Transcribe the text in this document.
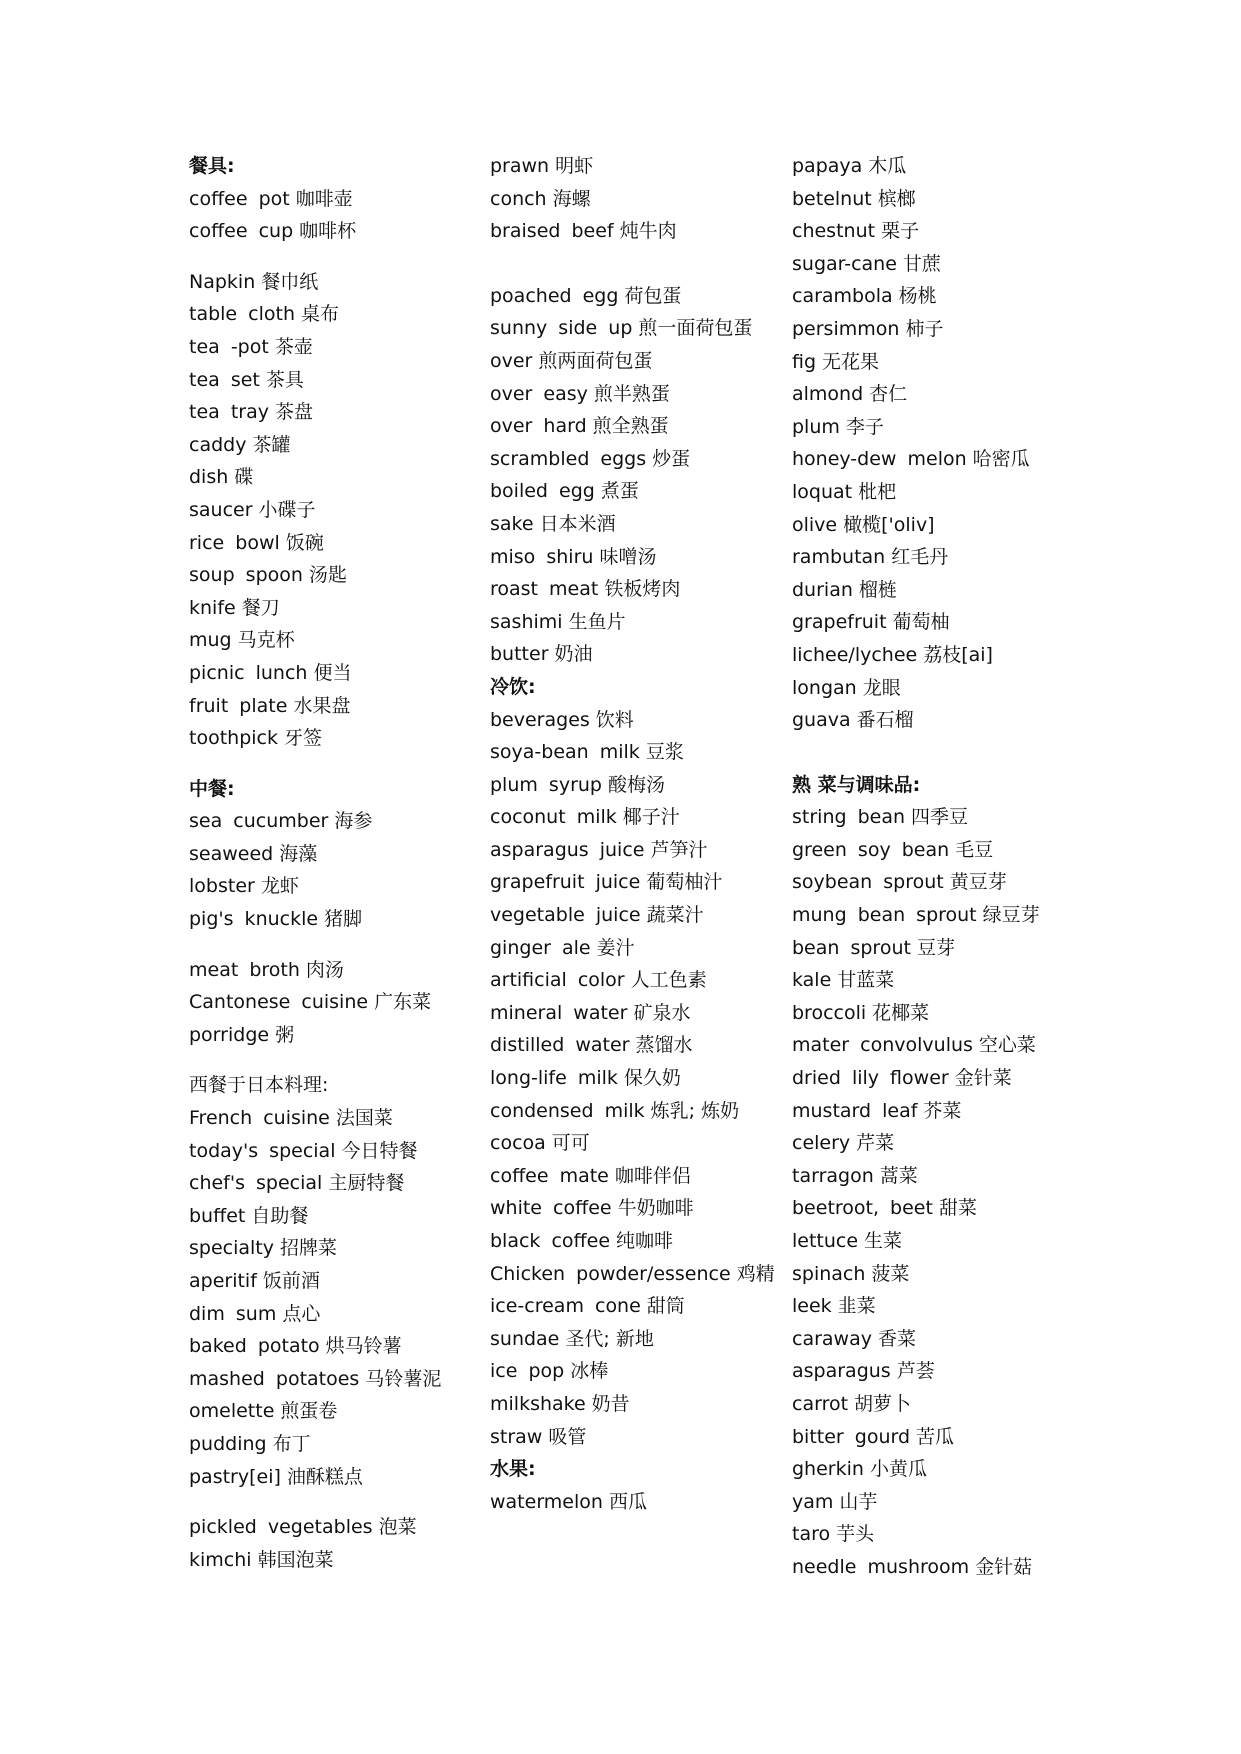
餐具:
coffee pot 咖啡壶
coffee cup 咖啡杯
Napkin 餐巾纸
table cloth 桌布
tea -pot 茶壶
tea set 茶具
tea tray 茶盘
caddy 茶罐
dish 碟
saucer 小碟子
rice bowl 饭碗
soup spoon 汤匙
knife 餐刀
mug 马克杯
picnic lunch 便当
fruit plate 水果盘
toothpick 牙签
中餐:
sea cucumber 海参
seaweed 海藻
lobster 龙虾
pig's knuckle 猪脚
meat broth 肉汤
Cantonese cuisine 广东菜
porridge 粥
西餐于日本料理:
French cuisine 法国菜
today's special 今日特餐
chef's special 主厨特餐
buffet 自助餐
specialty 招牌菜
aperitif 饭前酒
dim sum 点心
baked potato 烘马铃薯
mashed potatoes 马铃薯泥
omelette 煎蛋卷
pudding 布丁
pastry[ei] 油酥糕点
pickled vegetables 泡菜
kimchi 韩国泡菜
prawn 明虾
conch 海螺
braised beef 炖牛肉
poached egg 荷包蛋
sunny side up 煎一面荷包蛋
over 煎两面荷包蛋
over easy 煎半熟蛋
over hard 煎全熟蛋
scrambled eggs 炒蛋
boiled egg 煮蛋
sake 日本米酒
miso shiru 味噌汤
roast meat 铁板烤肉
sashimi 生鱼片
butter 奶油
冷饮:
beverages 饮料
soya-bean milk 豆浆
plum syrup 酸梅汤
coconut milk 椰子汁
asparagus juice 芦笋汁
grapefruit juice 葡萄柚汁
vegetable juice 蔬菜汁
ginger ale 姜汁
artificial color 人工色素
mineral water 矿泉水
distilled water 蒸馏水
long-life milk 保久奶
condensed milk 炼乳; 炼奶
cocoa 可可
coffee mate 咖啡伴侣
white coffee 牛奶咖啡
black coffee 纯咖啡
Chicken powder/essence 鸡精
ice-cream cone 甜筒
sundae 圣代; 新地
ice pop 冰棒
milkshake 奶昔
straw 吸管
水果:
watermelon 西瓜
papaya 木瓜
betelnut 槟榔
chestnut 栗子
sugar-cane 甘蔗
carambola 杨桃
persimmon 柿子
fig 无花果
almond 杏仁
plum 李子
honey-dew melon 哈密瓜
loquat 枇杷
olive 橄榄['oliv]
rambutan 红毛丹
durian 榴梿
grapefruit 葡萄柚
lichee/lychee 荔枝[ai]
longan 龙眼
guava 番石榴
熟 菜与调味品:
string bean 四季豆
green soy bean 毛豆
soybean sprout 黄豆芽
mung bean sprout 绿豆芽
bean sprout 豆芽
kale 甘蓝菜
broccoli 花椰菜
mater convolvulus 空心菜
dried lily flower 金针菜
mustard leaf 芥菜
celery 芹菜
tarragon 蒿菜
beetroot, beet 甜菜
lettuce 生菜
spinach 菠菜
leek 韭菜
caraway 香菜
asparagus 芦荟
carrot 胡萝卜
bitter gourd 苦瓜
gherkin 小黄瓜
yam 山芋
taro 芋头
needle mushroom 金针菇
